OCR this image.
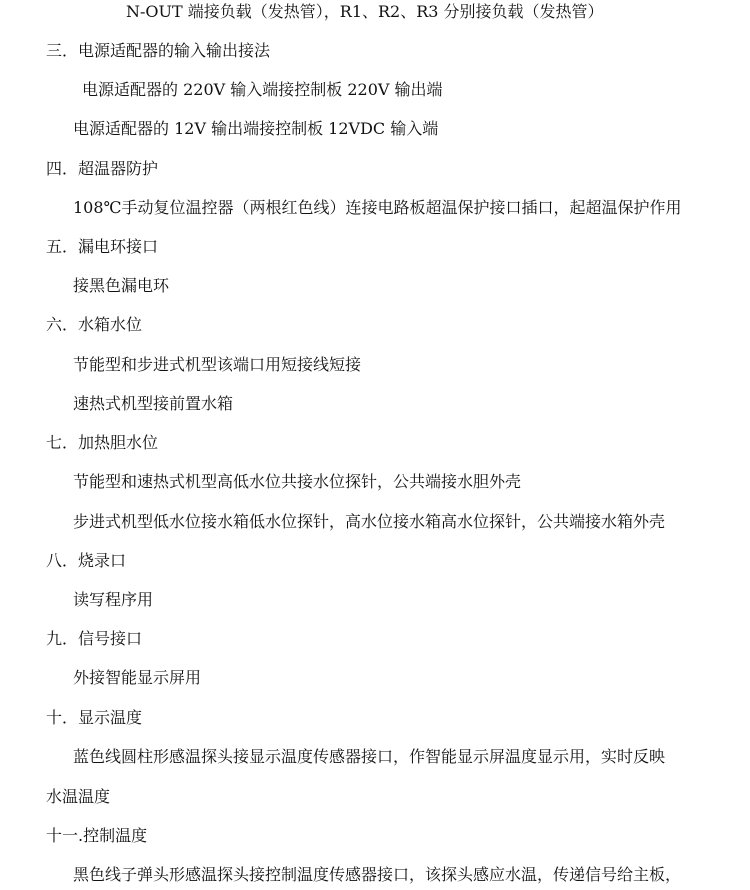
N-OUT 端接负载（发热管），R1、R2、R3 分别接负载（发热管）
三．电源适配器的输入输出接法
电源适配器的 220V 输入端接控制板 220V 输出端
电源适配器的 12V 输出端接控制板 12VDC 输入端
四．超温器防护
108℃手动复位温控器（两根红色线）连接电路板超温保护接口插口，起超温保护作用
五．漏电环接口
接黑色漏电环
六．水箱水位
节能型和步进式机型该端口用短接线短接
速热式机型接前置水箱
七．加热胆水位
节能型和速热式机型高低水位共接水位探针，公共端接水胆外壳
步进式机型低水位接水箱低水位探针，高水位接水箱高水位探针，公共端接水箱外壳
八．烧录口
读写程序用
九．信号接口
外接智能显示屏用
十．显示温度
蓝色线圆柱形感温探头接显示温度传感器接口，作智能显示屏温度显示用，实时反映
水温温度
十一.控制温度
黑色线子弹头形感温探头接控制温度传感器接口，该探头感应水温，传递信号给主板，
